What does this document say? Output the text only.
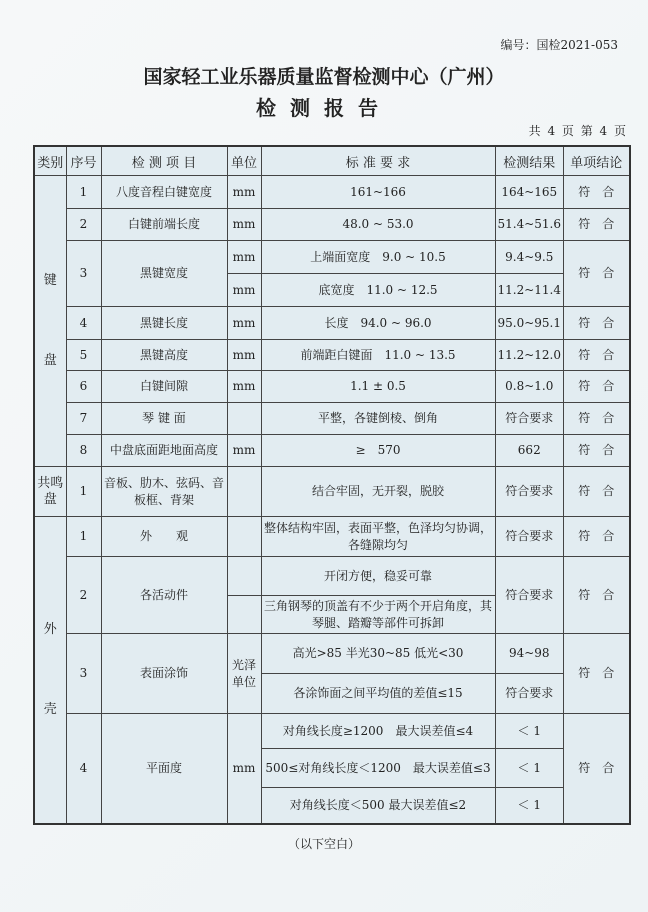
编号：国检2021-053
国家轻工业乐器质量监督检测中心（广州）
检测报告
共 4 页 第 4 页
类别	序号	检 测 项 目	单位	标 准 要 求	检测结果	单项结论
键

盘	1	八度音程白键宽度	mm	161~166	164~165	符　合
	2	白键前端长度	mm	48.0 ~ 53.0	51.4~51.6	符　合
	3	黑键宽度	mm	上端面宽度　9.0 ~ 10.5	9.4~9.5	符　合
			mm	底宽度　11.0 ~ 12.5	11.2~11.4	
	4	黑键长度	mm	长度　94.0 ~ 96.0	95.0~95.1	符　合
	5	黑键高度	mm	前端距白键面　11.0 ~ 13.5	11.2~12.0	符　合
	6	白键间隙	mm	1.1 ± 0.5	0.8~1.0	符　合
	7	琴 键 面		平整，各键倒棱、倒角	符合要求	符　合
	8	中盘底面距地面高度	mm	≥　570	662	符　合
共鸣盘	1	音板、肋木、弦码、音板框、背架		结合牢固，无开裂，脱胶	符合要求	符　合
外

壳	1	外　　观		整体结构牢固，表面平整，色泽均匀协调，各缝隙均匀	符合要求	符　合
	2	各活动件		开闭方便，稳妥可靠	符合要求	符　合
				三角钢琴的顶盖有不少于两个开启角度，其琴腿、踏瓣等部件可拆卸		
	3	表面涂饰	光泽单位	高光>85 半光30~85 低光<30	94~98	符　合
				各涂饰面之间平均值的差值≤15	符合要求	
	4	平面度	mm	对角线长度≥1200　最大误差值≤4	＜ 1	符　合
				500≤对角线长度＜1200　最大误差值≤3	＜ 1	
				对角线长度＜500 最大误差值≤2	＜ 1	
（以下空白）
